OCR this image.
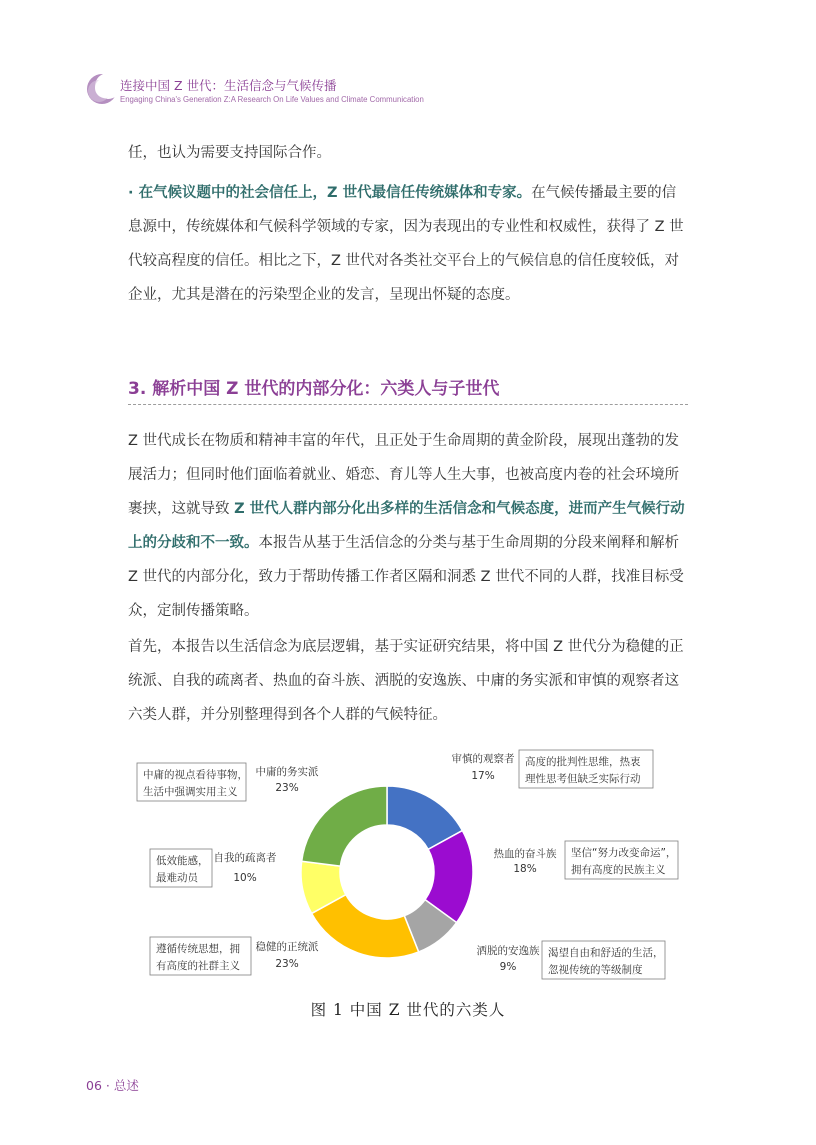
连接中国 Z 世代：生活信念与气候传播
Engaging China's Generation Z:A Research On Life Values and Climate Communication

任，也认为需要支持国际合作。

· 在气候议题中的社会信任上，Z 世代最信任传统媒体和专家。在气候传播最主要的信息源中，传统媒体和气候科学领域的专家，因为表现出的专业性和权威性，获得了 Z 世代较高程度的信任。相比之下，Z 世代对各类社交平台上的气候信息的信任度较低，对企业，尤其是潜在的污染型企业的发言，呈现出怀疑的态度。

3. 解析中国 Z 世代的内部分化：六类人与子世代

Z 世代成长在物质和精神丰富的年代，且正处于生命周期的黄金阶段，展现出蓬勃的发展活力；但同时他们面临着就业、婚恋、育儿等人生大事，也被高度内卷的社会环境所裹挟，这就导致 Z 世代人群内部分化出多样的生活信念和气候态度，进而产生气候行动上的分歧和不一致。本报告从基于生活信念的分类与基于生命周期的分段来阐释和解析 Z 世代的内部分化，致力于帮助传播工作者区隔和洞悉 Z 世代不同的人群，找准目标受众，定制传播策略。

首先，本报告以生活信念为底层逻辑，基于实证研究结果，将中国 Z 世代分为稳健的正统派、自我的疏离者、热血的奋斗族、洒脱的安逸族、中庸的务实派和审慎的观察者这六类人群，并分别整理得到各个人群的气候特征。

审慎的观察者
17%
高度的批判性思维，热衷
理性思考但缺乏实际行动
热血的奋斗族
18%
坚信“努力改变命运”，
拥有高度的民族主义
洒脱的安逸族
9%
渴望自由和舒适的生活，
忽视传统的等级制度
稳健的正统派
23%
遵循传统思想，拥
有高度的社群主义
自我的疏离者
10%
低效能感，
最难动员
中庸的务实派
23%
中庸的视点看待事物，
生活中强调实用主义
图 1 中国 Z 世代的六类人
06 · 总述
